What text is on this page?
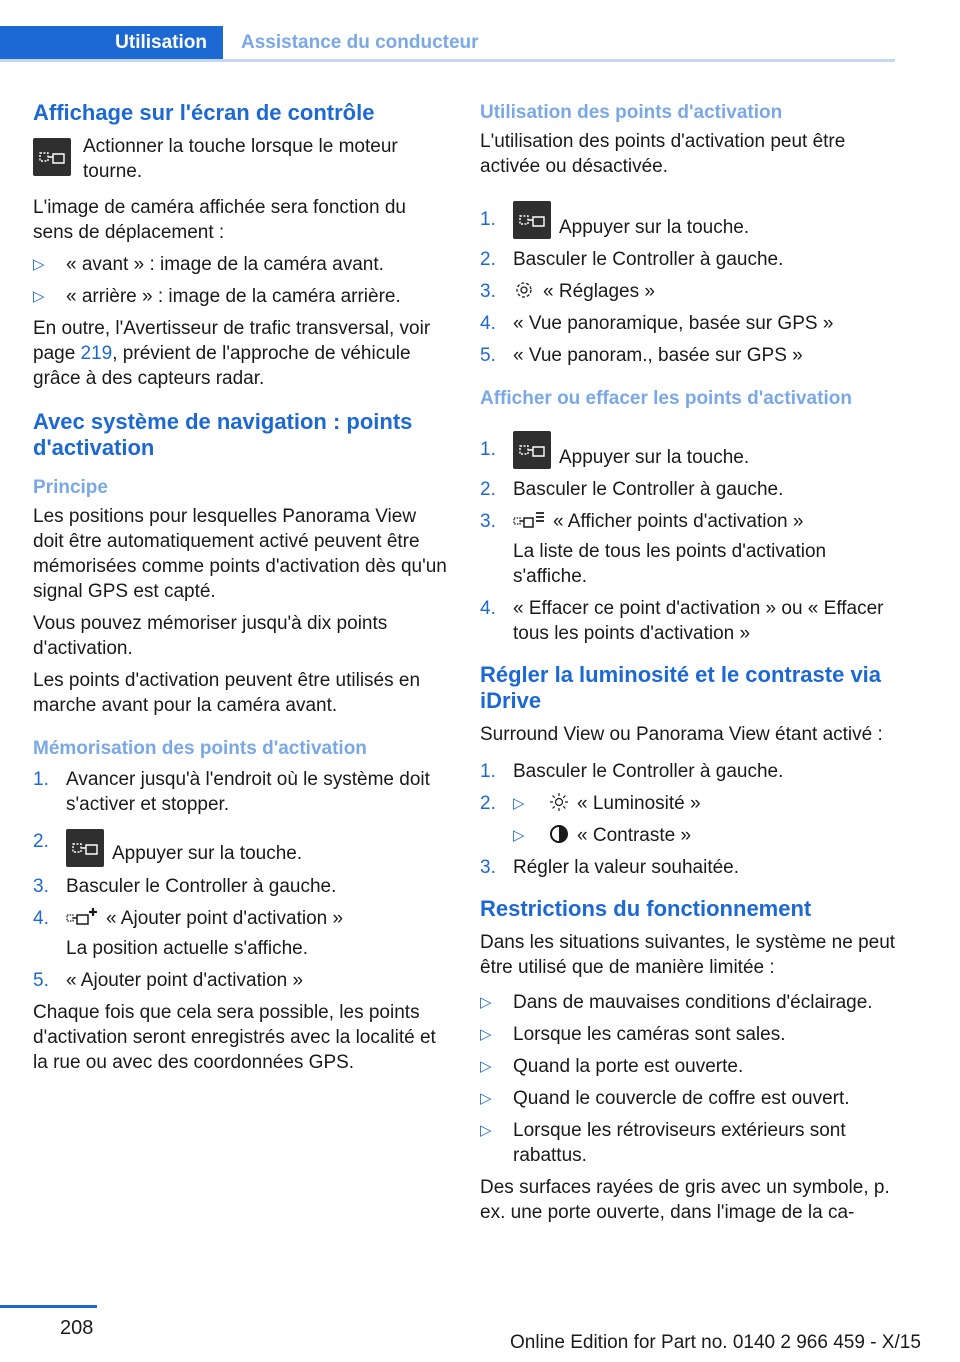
Utilisation	Assistance du conducteur
Affichage sur l'écran de contrôle

Actionner la touche lorsque le moteur tourne.

L'image de caméra affichée sera fonction du sens de déplacement :

▷ « avant » : image de la caméra avant.
▷ « arrière » : image de la caméra arrière.

En outre, l'Avertisseur de trafic transversal, voir page 219, prévient de l'approche de véhicule grâce à des capteurs radar.

Avec système de navigation : points d'activation
Principe

Les positions pour lesquelles Panorama View doit être automatiquement activé peuvent être mémorisées comme points d'activation dès qu'un signal GPS est capté.

Vous pouvez mémoriser jusqu'à dix points d'activation.

Les points d'activation peuvent être utilisés en marche avant pour la caméra avant.

Mémorisation des points d'activation
1. Avancer jusqu'à l'endroit où le système doit s'activer et stopper.
2.
Appuyer sur la touche.
3. Basculer le Controller à gauche.
4.	« Ajouter point d'activation »
La position actuelle s'affiche.
5. « Ajouter point d'activation »

Chaque fois que cela sera possible, les points d'activation seront enregistrés avec la localité et la rue ou avec des coordonnées GPS.

Utilisation des points d'activation

L'utilisation des points d'activation peut être activée ou désactivée.

1.	Appuyer sur la touche.
2. Basculer le Controller à gauche.
3. « Réglages »
4. « Vue panoramique, basée sur GPS »
5. « Vue panoram., basée sur GPS »
Afficher ou effacer les points d'activation
1.	Appuyer sur la touche.
2. Basculer le Controller à gauche.
3.	« Afficher points d'activation »
La liste de tous les points d'activation s'affiche.
4. « Effacer ce point d'activation » ou « Effacer tous les points d'activation »
Régler la luminosité et le contraste via iDrive

Surround View ou Panorama View étant activé :

1. Basculer le Controller à gauche.
2. ▷	« Luminosité »
▷	« Contraste »
3. Régler la valeur souhaitée.
Restrictions du fonctionnement

Dans les situations suivantes, le système ne peut être utilisé que de manière limitée :

▷ Dans de mauvaises conditions d'éclairage.
▷ Lorsque les caméras sont sales.
▷ Quand la porte est ouverte.
▷ Quand le couvercle de coffre est ouvert.
▷ Lorsque les rétroviseurs extérieurs sont rabattus.

Des surfaces rayées de gris avec un symbole, p. ex. une porte ouverte, dans l'image de la ca-

208
Online Edition for Part no. 0140 2 966 459 - X/15
